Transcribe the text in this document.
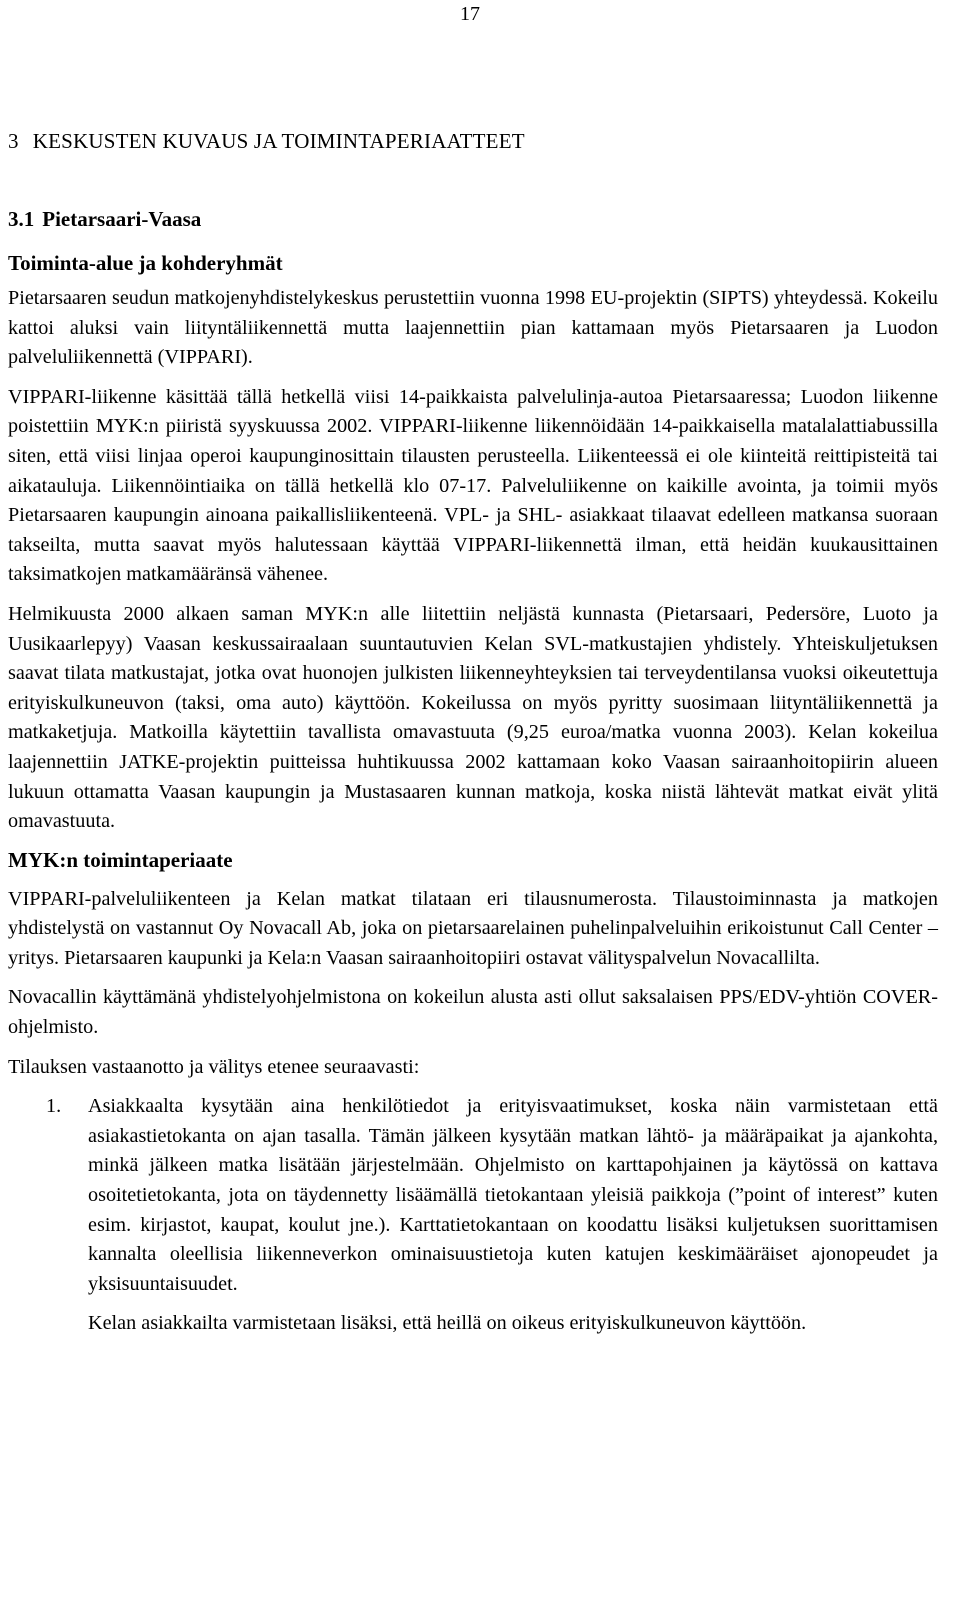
17
3 KESKUSTEN KUVAUS JA TOIMINTAPERIAATTEET
3.1 Pietarsaari-Vaasa
Toiminta-alue ja kohderyhmät

Pietarsaaren seudun matkojenyhdistelykeskus perustettiin vuonna 1998 EU-projektin (SIPTS) yhteydessä. Kokeilu kattoi aluksi vain liityntäliikennettä mutta laajennettiin pian kattamaan myös Pietarsaaren ja Luodon palveluliikennettä (VIPPARI).

VIPPARI-liikenne käsittää tällä hetkellä viisi 14-paikkaista palvelulinja-autoa Pietarsaaressa; Luodon liikenne poistettiin MYK:n piiristä syyskuussa 2002. VIPPARI-liikenne liikennöidään 14-paikkaisella matalalattiabussilla siten, että viisi linjaa operoi kaupunginosittain tilausten perusteella. Liikenteessä ei ole kiinteitä reittipisteitä tai aikatauluja. Liikennöintiaika on tällä hetkellä klo 07-17. Palveluliikenne on kaikille avointa, ja toimii myös Pietarsaaren kaupungin ainoana paikallisliikenteenä. VPL- ja SHL- asiakkaat tilaavat edelleen matkansa suoraan takseilta, mutta saavat myös halutessaan käyttää VIPPARI-liikennettä ilman, että heidän kuukausittainen taksimatkojen matkamääränsä vähenee.

Helmikuusta 2000 alkaen saman MYK:n alle liitettiin neljästä kunnasta (Pietarsaari, Pedersöre, Luoto ja Uusikaarlepyy) Vaasan keskussairaalaan suuntautuvien Kelan SVL-matkustajien yhdistely. Yhteiskuljetuksen saavat tilata matkustajat, jotka ovat huonojen julkisten liikenneyhteyksien tai terveydentilansa vuoksi oikeutettuja erityiskulkuneuvon (taksi, oma auto) käyttöön. Kokeilussa on myös pyritty suosimaan liityntäliikennettä ja matkaketjuja. Matkoilla käytettiin tavallista omavastuuta (9,25 euroa/matka vuonna 2003). Kelan kokeilua laajennettiin JATKE-projektin puitteissa huhtikuussa 2002 kattamaan koko Vaasan sairaanhoitopiirin alueen lukuun ottamatta Vaasan kaupungin ja Mustasaaren kunnan matkoja, koska niistä lähtevät matkat eivät ylitä omavastuuta.

MYK:n toimintaperiaate

VIPPARI-palveluliikenteen ja Kelan matkat tilataan eri tilausnumerosta. Tilaustoiminnasta ja matkojen yhdistelystä on vastannut Oy Novacall Ab, joka on pietarsaarelainen puhelinpalveluihin erikoistunut Call Center – yritys. Pietarsaaren kaupunki ja Kela:n Vaasan sairaanhoitopiiri ostavat välityspalvelun Novacallilta.

Novacallin käyttämänä yhdistelyohjelmistona on kokeilun alusta asti ollut saksalaisen PPS/EDV-yhtiön COVER-ohjelmisto.

Tilauksen vastaanotto ja välitys etenee seuraavasti:

1. Asiakkaalta kysytään aina henkilötiedot ja erityisvaatimukset, koska näin varmistetaan että asiakastietokanta on ajan tasalla. Tämän jälkeen kysytään matkan lähtö- ja määräpaikat ja ajankohta, minkä jälkeen matka lisätään järjestelmään. Ohjelmisto on karttapohjainen ja käytössä on kattava osoitetietokanta, jota on täydennetty lisäämällä tietokantaan yleisiä paikkoja (”point of interest” kuten esim. kirjastot, kaupat, koulut jne.). Karttatietokantaan on koodattu lisäksi kuljetuksen suorittamisen kannalta oleellisia liikenneverkon ominaisuustietoja kuten katujen keskimääräiset ajonopeudet ja yksisuuntaisuudet.

Kelan asiakkailta varmistetaan lisäksi, että heillä on oikeus erityiskulkuneuvon käyttöön.
